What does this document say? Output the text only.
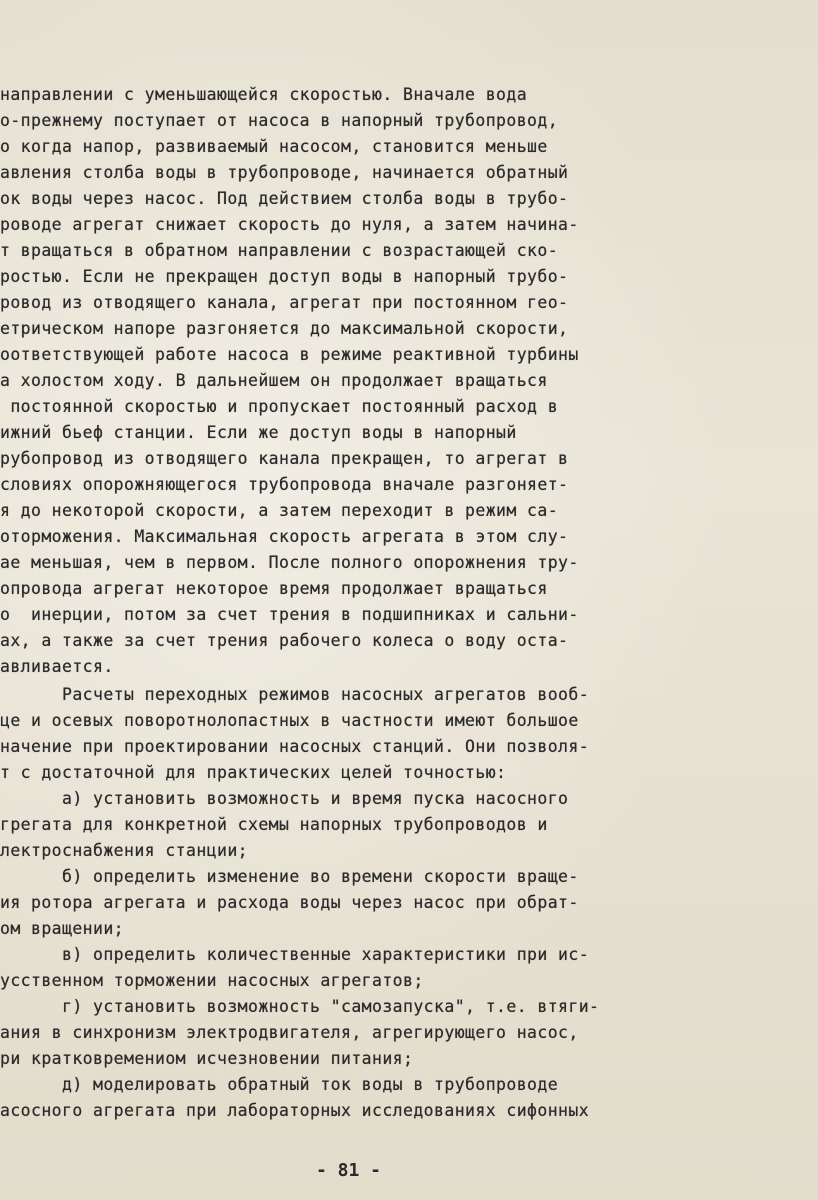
направлении с уменьшающейся скоростью. Вначале вода
о-прежнему поступает от насоса в напорный трубопровод,
о когда напор, развиваемый насосом, становится меньше
авления столба воды в трубопроводе, начинается обратный
ок воды через насос. Под действием столба воды в трубо-
роводе агрегат снижает скорость до нуля, а затем начина-
т вращаться в обратном направлении с возрастающей ско-
ростью. Если не прекращен доступ воды в напорный трубо-
ровод из отводящего канала, агрегат при постоянном гео-
етрическом напоре разгоняется до максимальной скорости,
оответствующей работе насоса в режиме реактивной турбины
а холостом ходу. В дальнейшем он продолжает вращаться
постоянной скоростью и пропускает постоянный расход в
ижний бьеф станции. Если же доступ воды в напорный
рубопровод из отводящего канала прекращен, то агрегат в
словиях опорожняющегося трубопровода вначале разгоняет-
я до некоторой скорости, а затем переходит в режим са-
оторможения. Максимальная скорость агрегата в этом слу-
ае меньшая, чем в первом. После полного опорожнения тру-
опровода агрегат некоторое время продолжает вращаться
о  инерции, потом за счет трения в подшипниках и сальни-
ах, а также за счет трения рабочего колеса о воду оста-
авливается.
Расчеты переходных режимов насосных агрегатов вооб-
це и осевых поворотнолопастных в частности имеют большое
начение при проектировании насосных станций. Они позволя-
т с достаточной для практических целей точностью:
а) установить возможность и время пуска насосного
грегата для конкретной схемы напорных трубопроводов и
лектроснабжения станции;
б) определить изменение во времени скорости враще-
ия ротора агрегата и расхода воды через насос при обрат-
ом вращении;
в) определить количественные характеристики при ис-
усственном торможении насосных агрегатов;
г) установить возможность "самозапуска", т.е. втяги-
ания в синхронизм электродвигателя, агрегирующего насос,
ри кратковремениом исчезновении питания;
д) моделировать обратный ток воды в трубопроводе
асосного агрегата при лабораторных исследованиях сифонных
- 81 -
